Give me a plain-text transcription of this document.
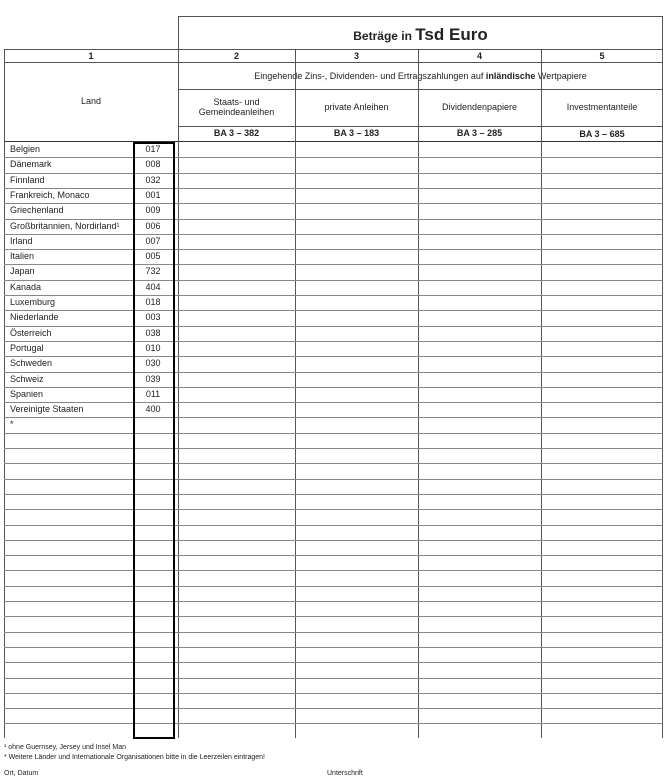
Beträge in Tsd Euro
1	2	3	4	5
Land
Eingehende Zins-, Dividenden- und Ertragszahlungen auf inländische Wertpapiere
Staats- und
Gemeindeanleihen	private Anleihen	Dividendenpapiere	Investmentanteile
BA 3 – 382	BA 3 – 183	BA 3 – 285	BA 3 – 685
Belgien	017
Dänemark	008
Finnland	032
Frankreich, Monaco	001
Griechenland	009
Großbritannien, Nordirland¹	006
Irland	007
Italien	005
Japan	732
Kanada	404
Luxemburg	018
Niederlande	003
Österreich	038
Portugal	010
Schweden	030
Schweiz	039
Spanien	011
Vereinigte Staaten	400
*
¹ ohne Guernsey, Jersey und Insel Man
* Weitere Länder und Internationale Organisationen bitte in die Leerzeilen eintragen!
Ort, Datum	Unterschrift
